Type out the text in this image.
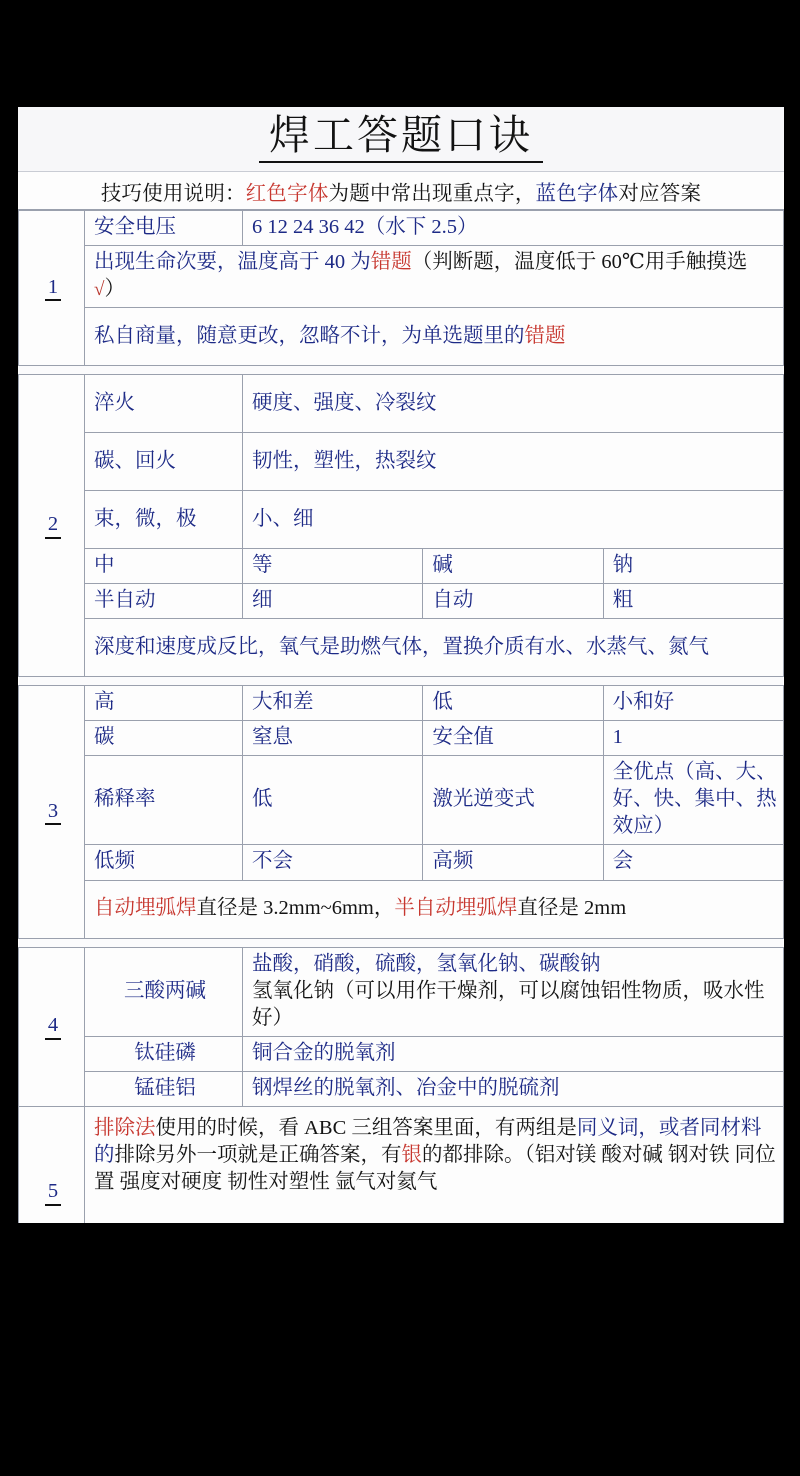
焊工答题口诀
技巧使用说明： 红色字体 为题中常出现重点字， 蓝色字体 对应答案
1	安全电压	6 12 24 36 42（水下 2.5）		
	出现生命次要，温度高于 40 为错题（判断题，温度低于 60℃用手触摸选√）			
	私自商量，随意更改，忽略不计，为单选题里的错题			

2	淬火	硬度、强度、冷裂纹		
	碳、回火	韧性，塑性，热裂纹		
	束，微，极	小、细		
	中	等	碱	钠
	半自动	细	自动	粗
	深度和速度成反比，氧气是助燃气体，置换介质有水、水蒸气、氮气			

3	高	大和差	低	小和好
	碳	窒息	安全值	1
	稀释率	低	激光逆变式	全优点（高、大、好、快、集中、热效应）
	低频	不会	高频	会
	自动埋弧焊直径是 3.2mm~6mm，半自动埋弧焊直径是 2mm			

4	三酸两碱	盐酸，硝酸，硫酸，氢氧化钠、碳酸钠
氢氧化钠（可以用作干燥剂，可以腐蚀铝性物质，吸水性好）		

	钛硅磷	铜合金的脱氧剂		
	锰硅铝	钢焊丝的脱氧剂、冶金中的脱硫剂		
5	排除法使用的时候，看 ABC 三组答案里面，有两组是同义词，或者同材料的排除另外一项就是正确答案，有银的都排除。（铝对镁 酸对碱 钢对铁 同位置 强度对硬度 韧性对塑性 氩气对氦气			
